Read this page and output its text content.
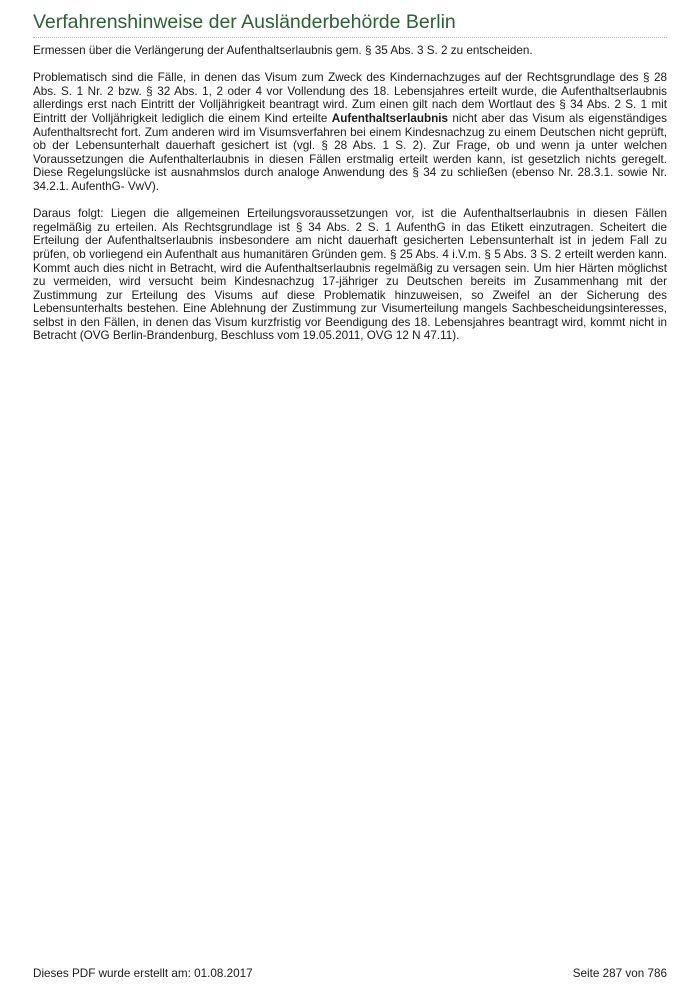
Verfahrenshinweise der Ausländerbehörde Berlin

Ermessen über die Verlängerung der Aufenthaltserlaubnis gem. § 35 Abs. 3 S. 2 zu entscheiden.

Problematisch sind die Fälle, in denen das Visum zum Zweck des Kindernachzuges auf der Rechtsgrundlage des § 28 Abs. S. 1 Nr. 2 bzw. § 32 Abs. 1, 2 oder 4 vor Vollendung des 18. Lebensjahres erteilt wurde, die Aufenthaltserlaubnis allerdings erst nach Eintritt der Volljährigkeit beantragt wird. Zum einen gilt nach dem Wortlaut des § 34 Abs. 2 S. 1 mit Eintritt der Volljährigkeit lediglich die einem Kind erteilte Aufenthaltserlaubnis nicht aber das Visum als eigenständiges Aufenthaltsrecht fort. Zum anderen wird im Visumsverfahren bei einem Kindesnachzug zu einem Deutschen nicht geprüft, ob der Lebensunterhalt dauerhaft gesichert ist (vgl. § 28 Abs. 1 S. 2). Zur Frage, ob und wenn ja unter welchen Voraussetzungen die Aufenthalterlaubnis in diesen Fällen erstmalig erteilt werden kann, ist gesetzlich nichts geregelt. Diese Regelungslücke ist ausnahmslos durch analoge Anwendung des § 34 zu schließen (ebenso Nr. 28.3.1. sowie Nr. 34.2.1. AufenthG- VwV).

Daraus folgt: Liegen die allgemeinen Erteilungsvoraussetzungen vor, ist die Aufenthaltserlaubnis in diesen Fällen regelmäßig zu erteilen. Als Rechtsgrundlage ist § 34 Abs. 2 S. 1 AufenthG in das Etikett einzutragen. Scheitert die Erteilung der Aufenthaltserlaubnis insbesondere am nicht dauerhaft gesicherten Lebensunterhalt ist in jedem Fall zu prüfen, ob vorliegend ein Aufenthalt aus humanitären Gründen gem. § 25 Abs. 4 i.V.m. § 5 Abs. 3 S. 2 erteilt werden kann. Kommt auch dies nicht in Betracht, wird die Aufenthaltserlaubnis regelmäßig zu versagen sein. Um hier Härten möglichst zu vermeiden, wird versucht beim Kindesnachzug 17-jähriger zu Deutschen bereits im Zusammenhang mit der Zustimmung zur Erteilung des Visums auf diese Problematik hinzuweisen, so Zweifel an der Sicherung des Lebensunterhalts bestehen. Eine Ablehnung der Zustimmung zur Visumerteilung mangels Sachbescheidungsinteresses, selbst in den Fällen, in denen das Visum kurzfristig vor Beendigung des 18. Lebensjahres beantragt wird, kommt nicht in Betracht (OVG Berlin-Brandenburg, Beschluss vom 19.05.2011, OVG 12 N 47.11).

Dieses PDF wurde erstellt am: 01.08.2017	Seite 287 von 786
